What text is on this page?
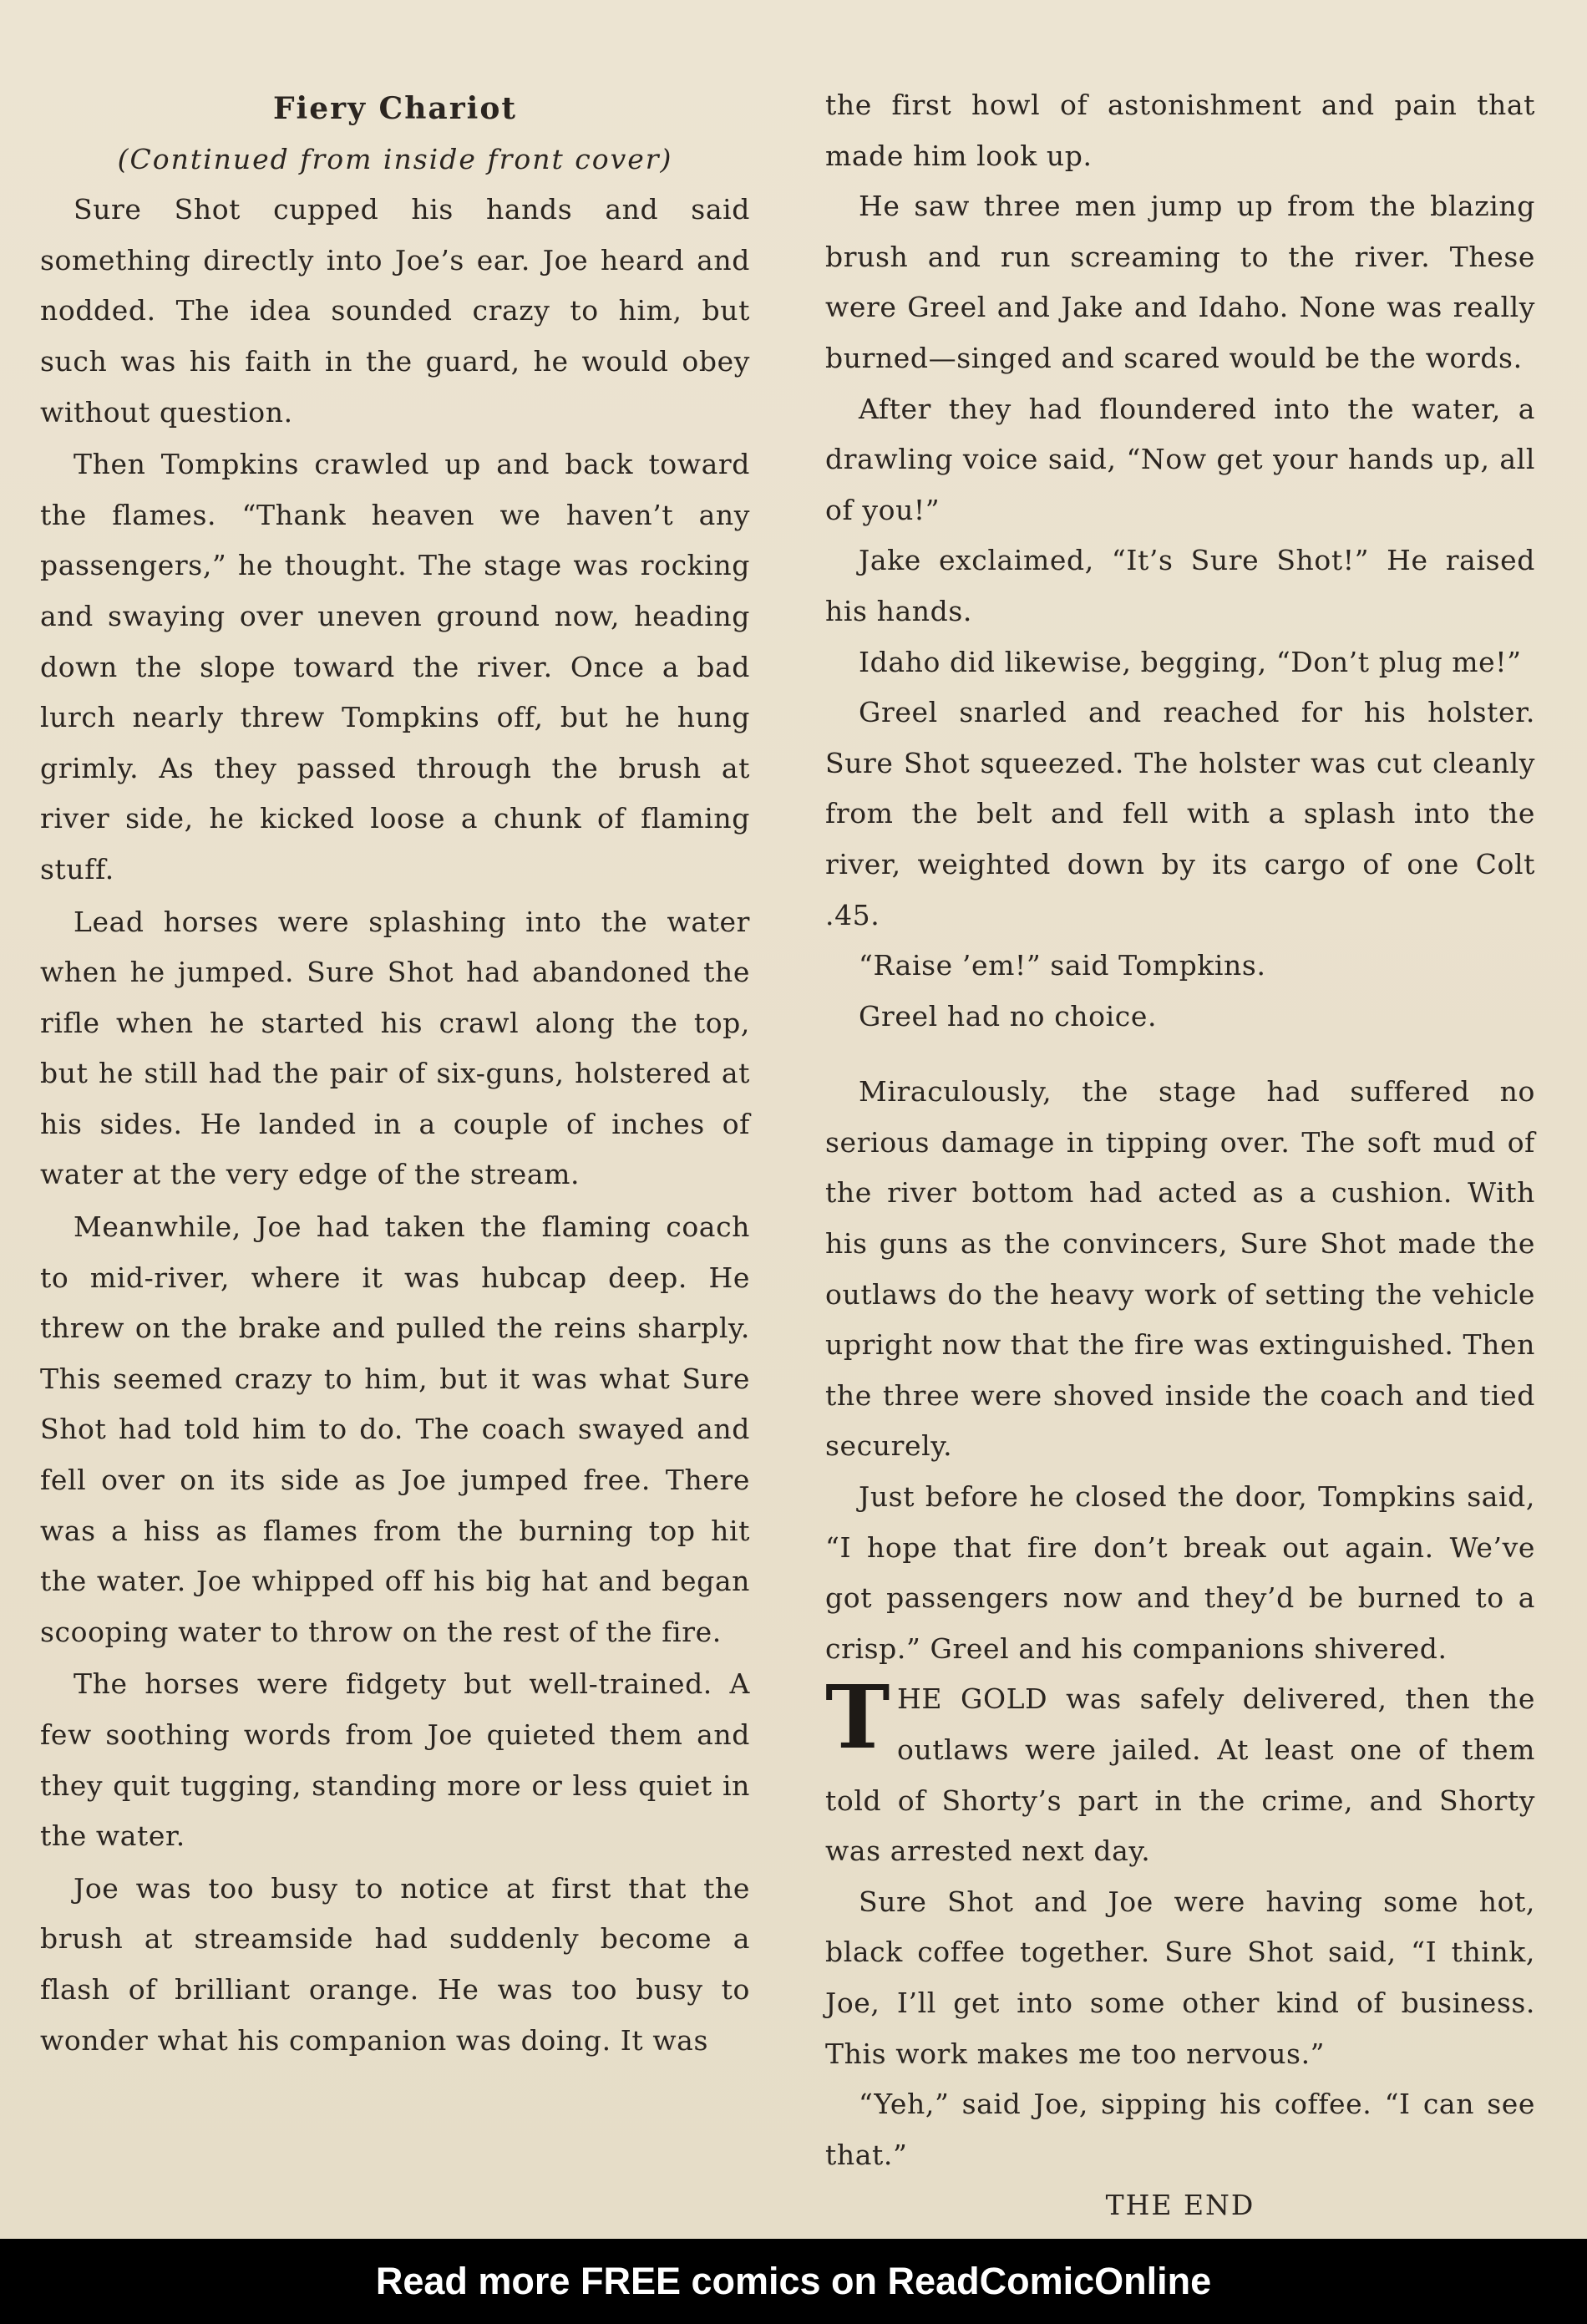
Fiery Chariot

(Continued from inside front cover)

Sure Shot cupped his hands and said something directly into Joe’s ear. Joe heard and nodded. The idea sounded crazy to him, but such was his faith in the guard, he would obey without question.

Then Tompkins crawled up and back toward the flames. “Thank heaven we haven’t any passengers,” he thought. The stage was rocking and swaying over uneven ground now, heading down the slope toward the river. Once a bad lurch nearly threw Tompkins off, but he hung grimly. As they passed through the brush at river side, he kicked loose a chunk of flaming stuff.

Lead horses were splashing into the water when he jumped. Sure Shot had abandoned the rifle when he started his crawl along the top, but he still had the pair of six-guns, holstered at his sides. He landed in a couple of inches of water at the very edge of the stream.

Meanwhile, Joe had taken the flaming coach to mid-river, where it was hubcap deep. He threw on the brake and pulled the reins sharply. This seemed crazy to him, but it was what Sure Shot had told him to do. The coach swayed and fell over on its side as Joe jumped free. There was a hiss as flames from the burning top hit the water. Joe whipped off his big hat and began scooping water to throw on the rest of the fire.

The horses were fidgety but well-trained. A few soothing words from Joe quieted them and they quit tugging, standing more or less quiet in the water.

Joe was too busy to notice at first that the brush at streamside had suddenly become a flash of brilliant orange. He was too busy to wonder what his companion was doing. It was

the first howl of astonishment and pain that made him look up.

He saw three men jump up from the blazing brush and run screaming to the river. These were Greel and Jake and Idaho. None was really burned—singed and scared would be the words.

After they had floundered into the water, a drawling voice said, “Now get your hands up, all of you!”

Jake exclaimed, “It’s Sure Shot!” He raised his hands.

Idaho did likewise, begging, “Don’t plug me!”

Greel snarled and reached for his holster. Sure Shot squeezed. The holster was cut cleanly from the belt and fell with a splash into the river, weighted down by its cargo of one Colt .45.

“Raise ’em!” said Tompkins.

Greel had no choice.

Miraculously, the stage had suffered no serious damage in tipping over. The soft mud of the river bottom had acted as a cushion. With his guns as the convincers, Sure Shot made the outlaws do the heavy work of setting the vehicle upright now that the fire was extinguished. Then the three were shoved inside the coach and tied securely.

Just before he closed the door, Tompkins said, “I hope that fire don’t break out again. We’ve got passengers now and they’d be burned to a crisp.” Greel and his companions shivered.

THE GOLD was safely delivered, then the outlaws were jailed. At least one of them told of Shorty’s part in the crime, and Shorty was arrested next day.

Sure Shot and Joe were having some hot, black coffee together. Sure Shot said, “I think, Joe, I’ll get into some other kind of business. This work makes me too nervous.”

“Yeh,” said Joe, sipping his coffee. “I can see that.”

THE END

Read more FREE comics on ReadComicOnline
